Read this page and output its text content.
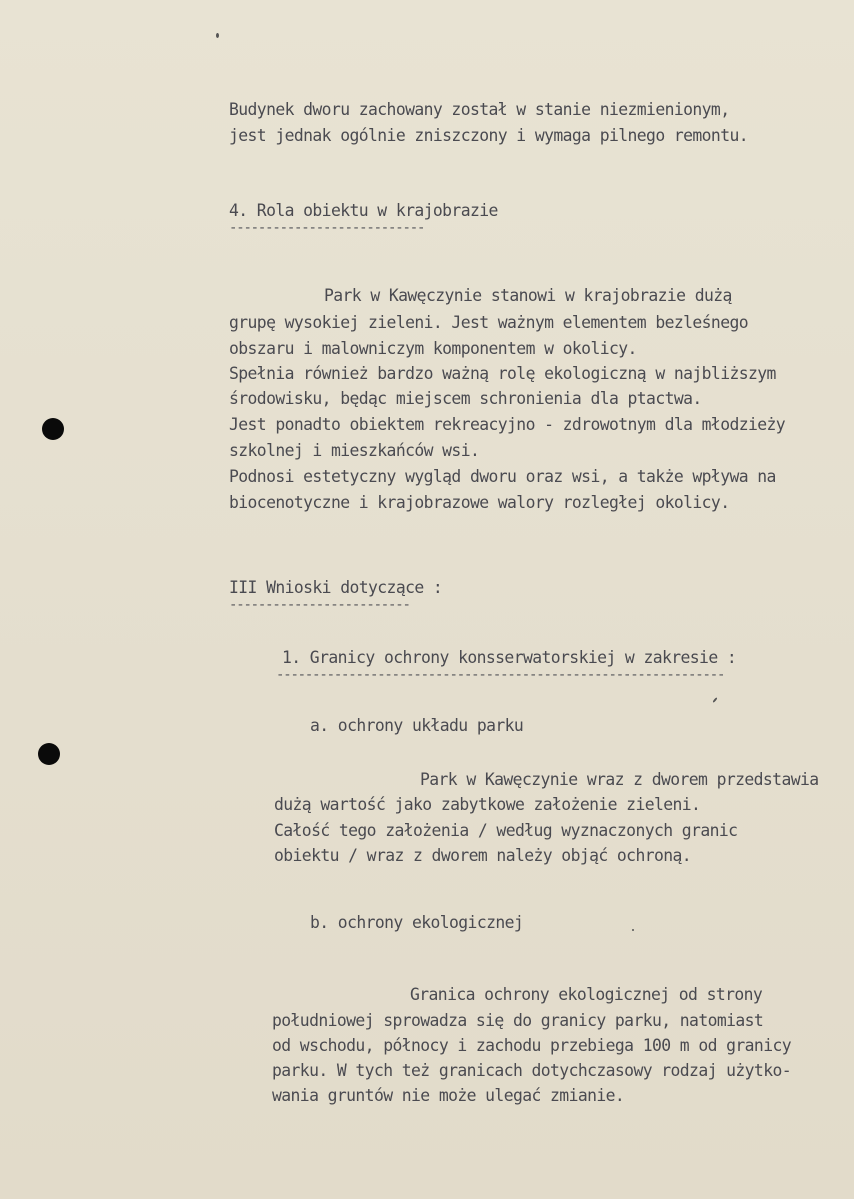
Budynek dworu zachowany został w stanie niezmienionym,
jest jednak ogólnie zniszczony i wymaga pilnego remontu.
4. Rola obiektu w krajobrazie
---------------------------
Park w Kawęczynie stanowi w krajobrazie dużą
grupę wysokiej zieleni. Jest ważnym elementem bezleśnego
obszaru i malowniczym komponentem w okolicy.
Spełnia również bardzo ważną rolę ekologiczną w najbliższym
środowisku, będąc miejscem schronienia dla ptactwa.
Jest ponadto obiektem rekreacyjno - zdrowotnym dla młodzieży
szkolnej i mieszkańców wsi.
Podnosi estetyczny wygląd dworu oraz wsi, a także wpływa na
biocenotyczne i krajobrazowe walory rozległej okolicy.
III Wnioski dotyczące :
-------------------------
1. Granicy ochrony konsserwatorskiej w zakresie :
--------------------------------------------------------------
a. ochrony układu parku
Park w Kawęczynie wraz z dworem przedstawia
dużą wartość jako zabytkowe założenie zieleni.
Całość tego założenia / według wyznaczonych granic
obiektu / wraz z dworem należy objąć ochroną.
b. ochrony ekologicznej
Granica ochrony ekologicznej od strony
południowej sprowadza się do granicy parku, natomiast
od wschodu, północy i zachodu przebiega 100 m od granicy
parku. W tych też granicach dotychczasowy rodzaj użytko-
wania gruntów nie może ulegać zmianie.
